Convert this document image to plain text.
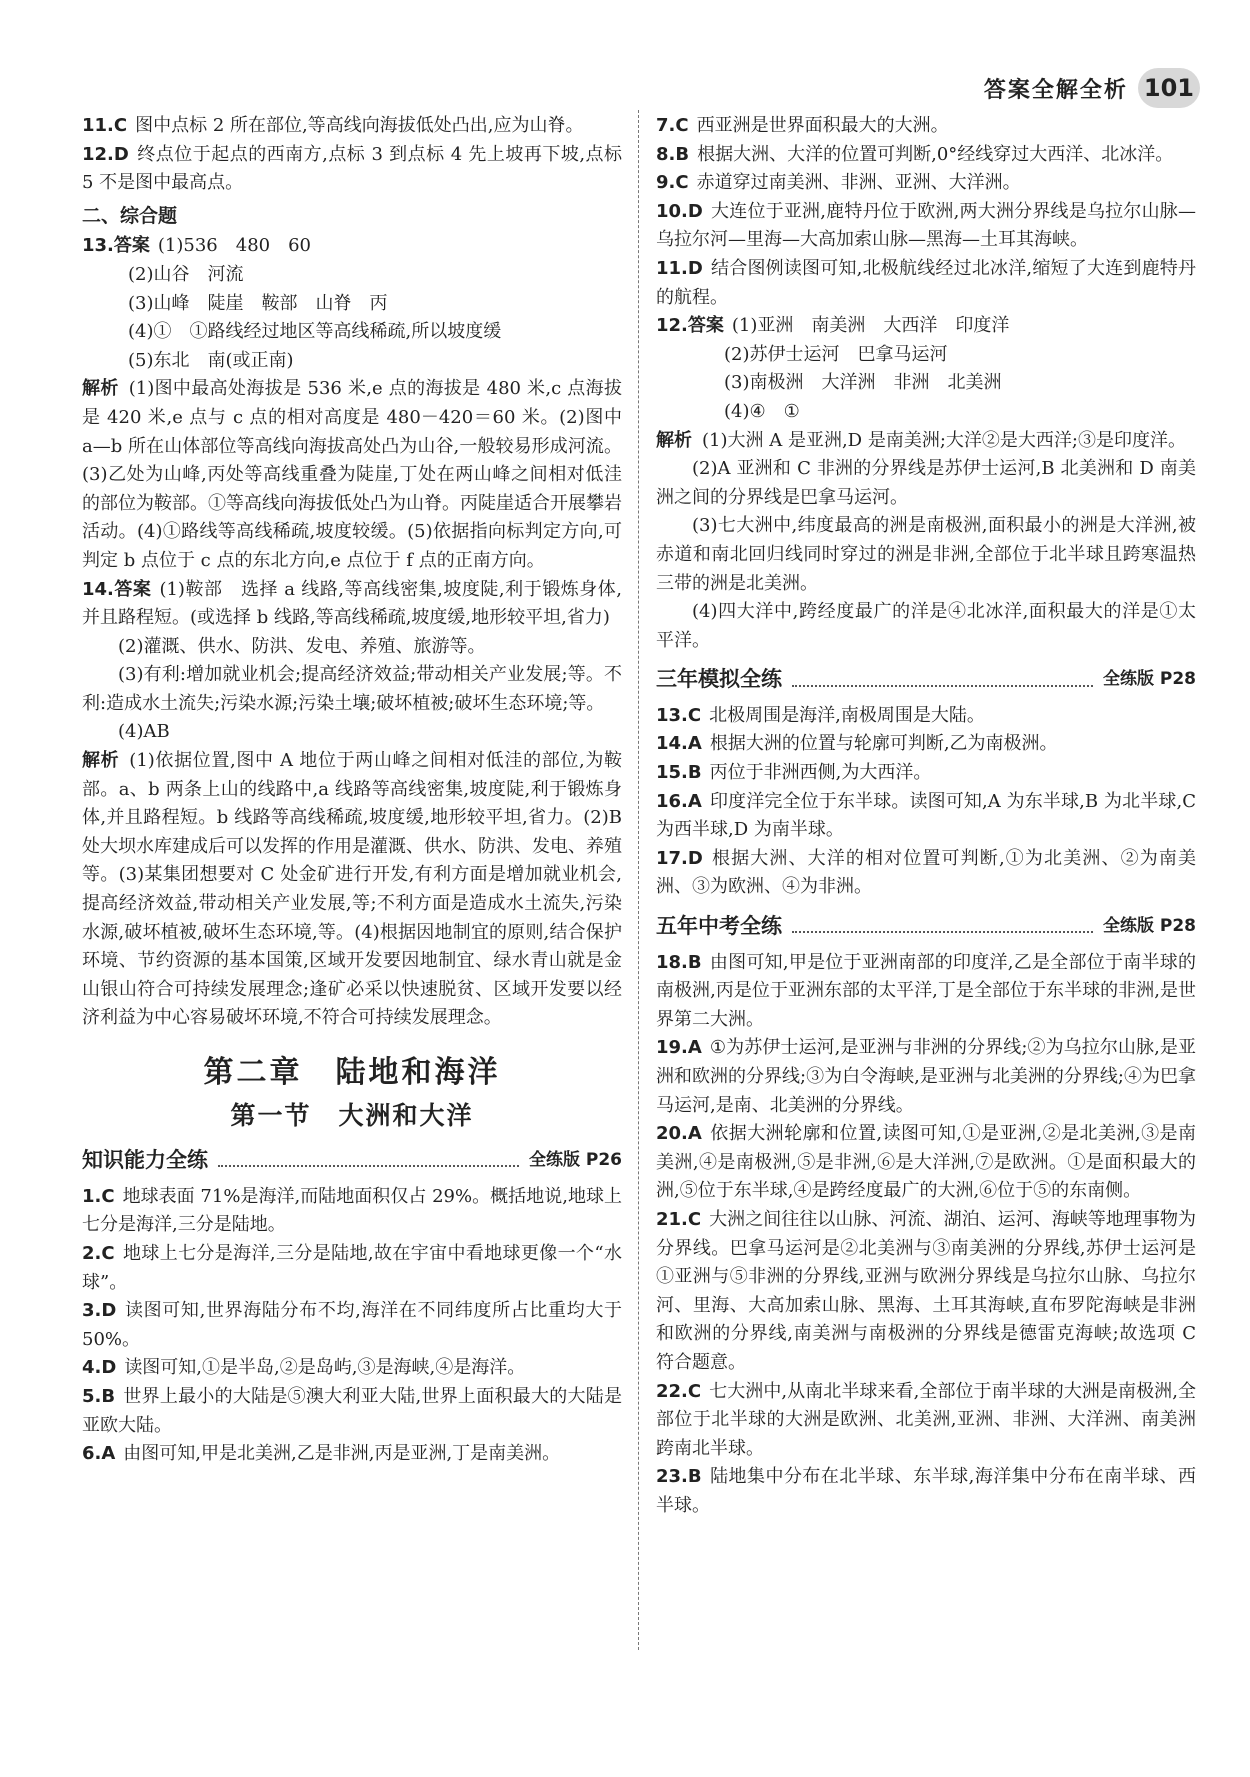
答案全解全析 101

11.C 图中点标 2 所在部位,等高线向海拔低处凸出,应为山脊。

12.D 终点位于起点的西南方,点标 3 到点标 4 先上坡再下坡,点标 5 不是图中最高点。

二、综合题

13.答案 (1)536　480　60

(2)山谷　河流

(3)山峰　陡崖　鞍部　山脊　丙

(4)①　①路线经过地区等高线稀疏,所以坡度缓

(5)东北　南(或正南)

解析 (1)图中最高处海拔是 536 米,e 点的海拔是 480 米,c 点海拔是 420 米,e 点与 c 点的相对高度是 480－420＝60 米。(2)图中 a—b 所在山体部位等高线向海拔高处凸为山谷,一般较易形成河流。(3)乙处为山峰,丙处等高线重叠为陡崖,丁处在两山峰之间相对低洼的部位为鞍部。①等高线向海拔低处凸为山脊。丙陡崖适合开展攀岩活动。(4)①路线等高线稀疏,坡度较缓。(5)依据指向标判定方向,可判定 b 点位于 c 点的东北方向,e 点位于 f 点的正南方向。

14.答案 (1)鞍部　选择 a 线路,等高线密集,坡度陡,利于锻炼身体,并且路程短。(或选择 b 线路,等高线稀疏,坡度缓,地形较平坦,省力)

(2)灌溉、供水、防洪、发电、养殖、旅游等。

(3)有利:增加就业机会;提高经济效益;带动相关产业发展;等。不利:造成水土流失;污染水源;污染土壤;破坏植被;破坏生态环境;等。

(4)AB

解析 (1)依据位置,图中 A 地位于两山峰之间相对低洼的部位,为鞍部。a、b 两条上山的线路中,a 线路等高线密集,坡度陡,利于锻炼身体,并且路程短。b 线路等高线稀疏,坡度缓,地形较平坦,省力。(2)B 处大坝水库建成后可以发挥的作用是灌溉、供水、防洪、发电、养殖等。(3)某集团想要对 C 处金矿进行开发,有利方面是增加就业机会,提高经济效益,带动相关产业发展,等;不利方面是造成水土流失,污染水源,破坏植被,破坏生态环境,等。(4)根据因地制宜的原则,结合保护环境、节约资源的基本国策,区域开发要因地制宜、绿水青山就是金山银山符合可持续发展理念;逢矿必采以快速脱贫、区域开发要以经济利益为中心容易破坏环境,不符合可持续发展理念。

第二章　陆地和海洋
第一节　大洲和大洋
知识能力全练	全练版 P26

1.C 地球表面 71%是海洋,而陆地面积仅占 29%。概括地说,地球上七分是海洋,三分是陆地。

2.C 地球上七分是海洋,三分是陆地,故在宇宙中看地球更像一个“水球”。

3.D 读图可知,世界海陆分布不均,海洋在不同纬度所占比重均大于 50%。

4.D 读图可知,①是半岛,②是岛屿,③是海峡,④是海洋。

5.B 世界上最小的大陆是⑤澳大利亚大陆,世界上面积最大的大陆是亚欧大陆。

6.A 由图可知,甲是北美洲,乙是非洲,丙是亚洲,丁是南美洲。

7.C 西亚洲是世界面积最大的大洲。

8.B 根据大洲、大洋的位置可判断,0°经线穿过大西洋、北冰洋。

9.C 赤道穿过南美洲、非洲、亚洲、大洋洲。

10.D 大连位于亚洲,鹿特丹位于欧洲,两大洲分界线是乌拉尔山脉—乌拉尔河—里海—大高加索山脉—黑海—土耳其海峡。

11.D 结合图例读图可知,北极航线经过北冰洋,缩短了大连到鹿特丹的航程。

12.答案 (1)亚洲　南美洲　大西洋　印度洋

(2)苏伊士运河　巴拿马运河

(3)南极洲　大洋洲　非洲　北美洲

(4)④　①

解析 (1)大洲 A 是亚洲,D 是南美洲;大洋②是大西洋;③是印度洋。

(2)A 亚洲和 C 非洲的分界线是苏伊士运河,B 北美洲和 D 南美洲之间的分界线是巴拿马运河。

(3)七大洲中,纬度最高的洲是南极洲,面积最小的洲是大洋洲,被赤道和南北回归线同时穿过的洲是非洲,全部位于北半球且跨寒温热三带的洲是北美洲。

(4)四大洋中,跨经度最广的洋是④北冰洋,面积最大的洋是①太平洋。

三年模拟全练	全练版 P28

13.C 北极周围是海洋,南极周围是大陆。

14.A 根据大洲的位置与轮廓可判断,乙为南极洲。

15.B 丙位于非洲西侧,为大西洋。

16.A 印度洋完全位于东半球。读图可知,A 为东半球,B 为北半球,C 为西半球,D 为南半球。

17.D 根据大洲、大洋的相对位置可判断,①为北美洲、②为南美洲、③为欧洲、④为非洲。

五年中考全练	全练版 P28

18.B 由图可知,甲是位于亚洲南部的印度洋,乙是全部位于南半球的南极洲,丙是位于亚洲东部的太平洋,丁是全部位于东半球的非洲,是世界第二大洲。

19.A ①为苏伊士运河,是亚洲与非洲的分界线;②为乌拉尔山脉,是亚洲和欧洲的分界线;③为白令海峡,是亚洲与北美洲的分界线;④为巴拿马运河,是南、北美洲的分界线。

20.A 依据大洲轮廓和位置,读图可知,①是亚洲,②是北美洲,③是南美洲,④是南极洲,⑤是非洲,⑥是大洋洲,⑦是欧洲。①是面积最大的洲,⑤位于东半球,④是跨经度最广的大洲,⑥位于⑤的东南侧。

21.C 大洲之间往往以山脉、河流、湖泊、运河、海峡等地理事物为分界线。巴拿马运河是②北美洲与③南美洲的分界线,苏伊士运河是①亚洲与⑤非洲的分界线,亚洲与欧洲分界线是乌拉尔山脉、乌拉尔河、里海、大高加索山脉、黑海、土耳其海峡,直布罗陀海峡是非洲和欧洲的分界线,南美洲与南极洲的分界线是德雷克海峡;故选项 C 符合题意。

22.C 七大洲中,从南北半球来看,全部位于南半球的大洲是南极洲,全部位于北半球的大洲是欧洲、北美洲,亚洲、非洲、大洋洲、南美洲跨南北半球。

23.B 陆地集中分布在北半球、东半球,海洋集中分布在南半球、西半球。
